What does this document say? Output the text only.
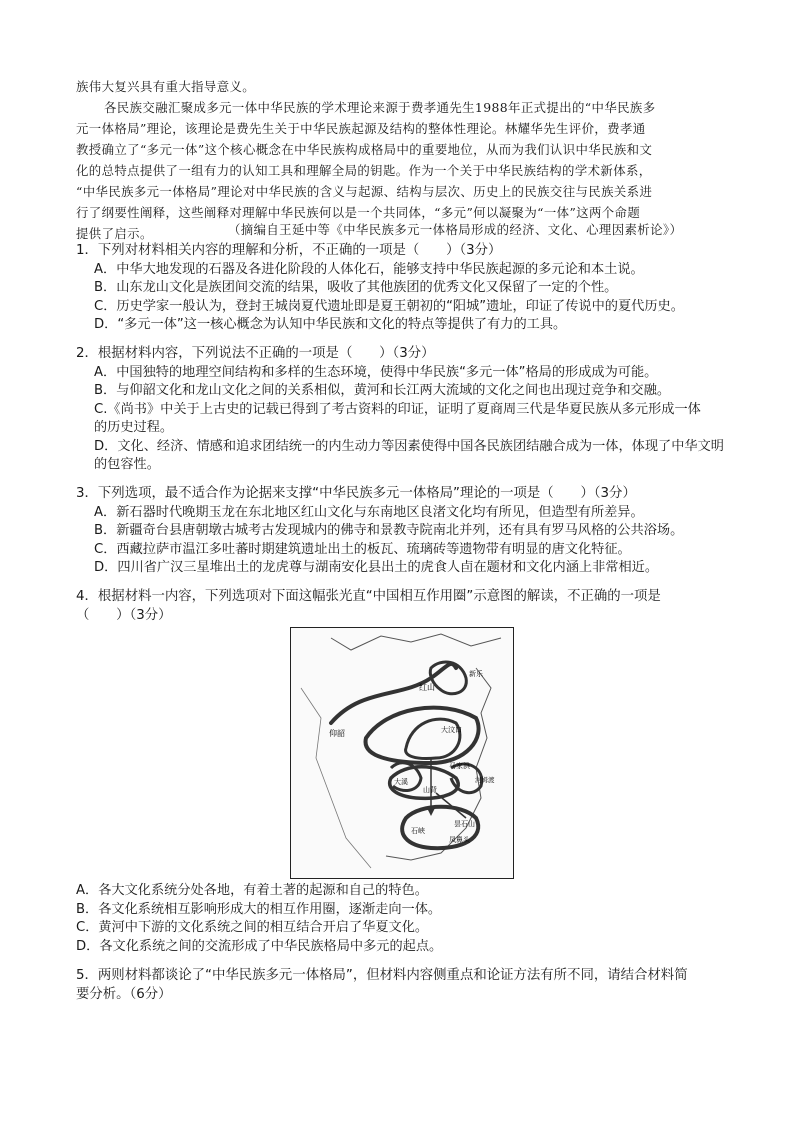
族伟大复兴具有重大指导意义。
各民族交融汇聚成多元一体中华民族的学术理论来源于费孝通先生1988年正式提出的“中华民族多
元一体格局”理论，该理论是费先生关于中华民族起源及结构的整体性理论。林耀华先生评价，费孝通
教授确立了“多元一体”这个核心概念在中华民族构成格局中的重要地位，从而为我们认识中华民族和文
化的总特点提供了一组有力的认知工具和理解全局的钥匙。作为一个关于中华民族结构的学术新体系，
“中华民族多元一体格局”理论对中华民族的含义与起源、结构与层次、历史上的民族交往与民族关系进
行了纲要性阐释，这些阐释对理解中华民族何以是一个共同体，“多元”何以凝聚为“一体”这两个命题
提供了启示。	（摘编自王延中等《中华民族多元一体格局形成的经济、文化、心理因素析论》）
1．下列对材料相关内容的理解和分析，不正确的一项是（　　）（3分）
A．中华大地发现的石器及各进化阶段的人体化石，能够支持中华民族起源的多元论和本土说。
B．山东龙山文化是族团间交流的结果，吸收了其他族团的优秀文化又保留了一定的个性。
C．历史学家一般认为，登封王城岗夏代遗址即是夏王朝初的“阳城”遗址，印证了传说中的夏代历史。
D．“多元一体”这一核心概念为认知中华民族和文化的特点等提供了有力的工具。
2．根据材料内容，下列说法不正确的一项是（　　）（3分）
A．中国独特的地理空间结构和多样的生态环境，使得中华民族“多元一体”格局的形成成为可能。
B．与仰韶文化和龙山文化之间的关系相似，黄河和长江两大流域的文化之间也出现过竞争和交融。
C.《尚书》中关于上古史的记载已得到了考古资料的印证，证明了夏商周三代是华夏民族从多元形成一体的历史过程。
D．文化、经济、情感和追求团结统一的内生动力等因素使得中国各民族团结融合成为一体，体现了中华文明的包容性。
3．下列选项，最不适合作为论据来支撑“中华民族多元一体格局”理论的一项是（　　）（3分）
A．新石器时代晚期玉龙在东北地区红山文化与东南地区良渚文化均有所见，但造型有所差异。
B．新疆奇台县唐朝墩古城考古发现城内的佛寺和景教寺院南北并列，还有具有罗马风格的公共浴场。
C．西藏拉萨市温江多吐蕃时期建筑遗址出土的板瓦、琉璃砖等遗物带有明显的唐文化特征。
D．四川省广汉三星堆出土的龙虎尊与湖南安化县出土的虎食人卣在题材和文化内涵上非常相近。
4．根据材料一内容，下列选项对下面这幅张光直“中国相互作用圈”示意图的解读，不正确的一项是
（　　）（3分）
红山
新乐
仰韶	大汶口
大溪
马家浜
河姆渡
山背
石峡
昙石山
凤鼻头
A．各大文化系统分处各地，有着土著的起源和自己的特色。
B．各文化系统相互影响形成大的相互作用圈，逐渐走向一体。
C．黄河中下游的文化系统之间的相互结合开启了华夏文化。
D．各文化系统之间的交流形成了中华民族格局中多元的起点。
5．两则材料都谈论了“中华民族多元一体格局”，但材料内容侧重点和论证方法有所不同，请结合材料简
要分析。（6分）
